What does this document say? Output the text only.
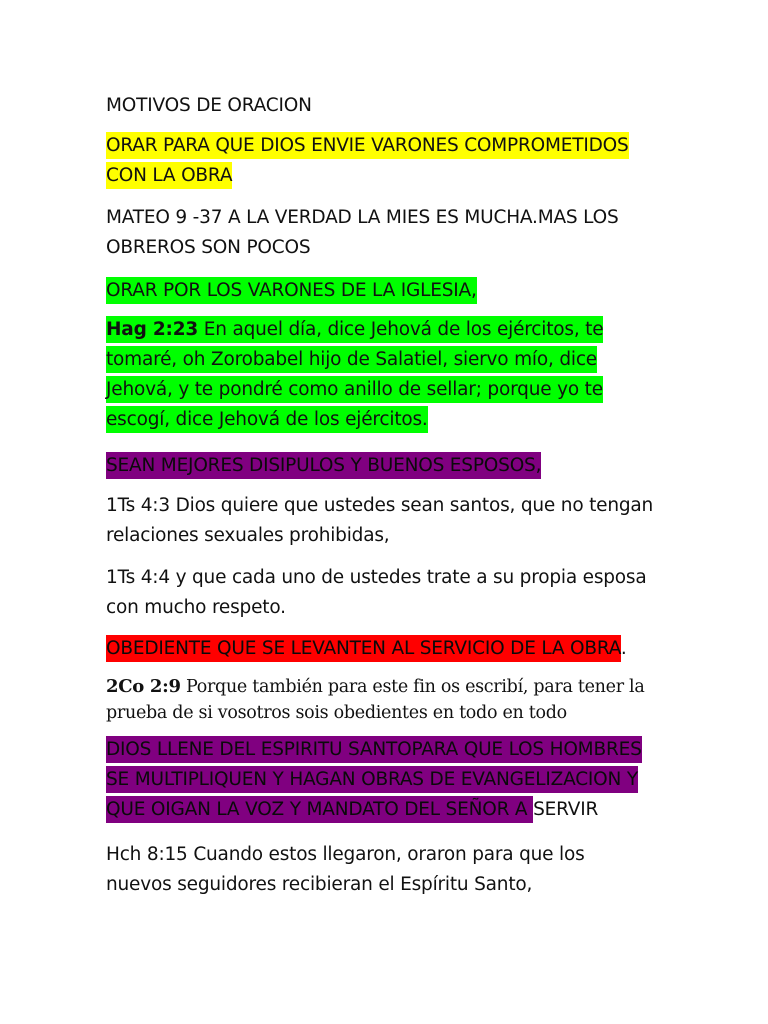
MOTIVOS DE ORACION
ORAR PARA QUE DIOS ENVIE VARONES COMPROMETIDOS
CON LA OBRA
MATEO 9 -37 A LA VERDAD LA MIES ES MUCHA.MAS LOS
OBREROS SON POCOS
ORAR POR LOS VARONES DE LA IGLESIA,
Hag 2:23 En aquel día, dice Jehová de los ejércitos, te
tomaré, oh Zorobabel hijo de Salatiel, siervo mío, dice
Jehová, y te pondré como anillo de sellar; porque yo te
escogí, dice Jehová de los ejércitos.
SEAN MEJORES DISIPULOS Y BUENOS ESPOSOS,
1Ts 4:3 Dios quiere que ustedes sean santos, que no tengan
relaciones sexuales prohibidas,
1Ts 4:4 y que cada uno de ustedes trate a su propia esposa
con mucho respeto.
OBEDIENTE QUE SE LEVANTEN AL SERVICIO DE LA OBRA.
2Co 2:9 Porque también para este fin os escribí, para tener la
prueba de si vosotros sois obedientes en todo en todo
DIOS LLENE DEL ESPIRITU SANTOPARA QUE LOS HOMBRES
SE MULTIPLIQUEN Y HAGAN OBRAS DE EVANGELIZACION Y
QUE OIGAN LA VOZ Y MANDATO DEL SEÑOR A SERVIR
Hch 8:15 Cuando estos llegaron, oraron para que los
nuevos seguidores recibieran el Espíritu Santo,
